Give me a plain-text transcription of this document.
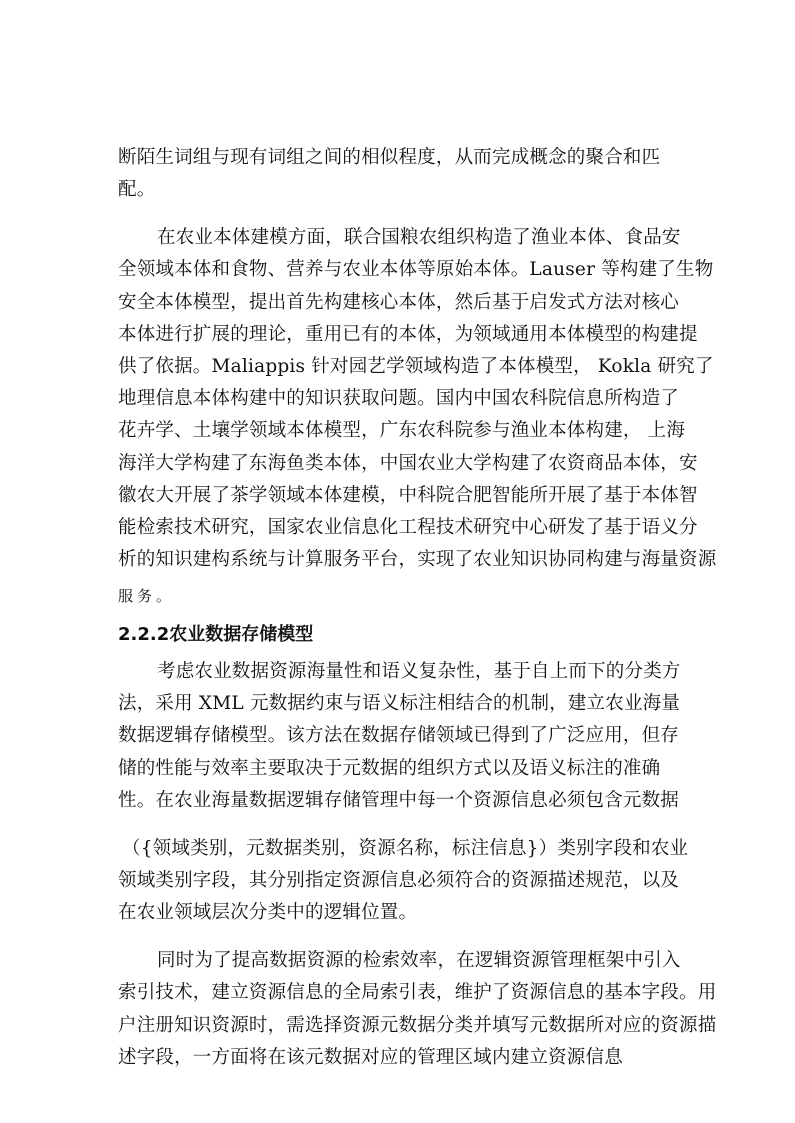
断陌生词组与现有词组之间的相似程度，从而完成概念的聚合和匹
配。
在农业本体建模方面，联合国粮农组织构造了渔业本体、食品安
全领域本体和食物、营养与农业本体等原始本体。Lauser 等构建了生物
安全本体模型，提出首先构建核心本体，然后基于启发式方法对核心
本体进行扩展的理论，重用已有的本体，为领域通用本体模型的构建提
供了依据。Maliappis 针对园艺学领域构造了本体模型， Kokla 研究了
地理信息本体构建中的知识获取问题。国内中国农科院信息所构造了
花卉学、土壤学领域本体模型，广东农科院参与渔业本体构建， 上海
海洋大学构建了东海鱼类本体，中国农业大学构建了农资商品本体，安
徽农大开展了茶学领域本体建模，中科院合肥智能所开展了基于本体智
能检索技术研究，国家农业信息化工程技术研究中心研发了基于语义分
析的知识建构系统与计算服务平台，实现了农业知识协同构建与海量资源
服务。
2.2.2农业数据存储模型
考虑农业数据资源海量性和语义复杂性，基于自上而下的分类方
法，采用 XML 元数据约束与语义标注相结合的机制，建立农业海量
数据逻辑存储模型。该方法在数据存储领域已得到了广泛应用，但存
储的性能与效率主要取决于元数据的组织方式以及语义标注的准确
性。在农业海量数据逻辑存储管理中每一个资源信息必须包含元数据
（{领域类别，元数据类别，资源名称，标注信息}）类别字段和农业
领域类别字段，其分别指定资源信息必须符合的资源描述规范，以及
在农业领域层次分类中的逻辑位置。
同时为了提高数据资源的检索效率，在逻辑资源管理框架中引入
索引技术，建立资源信息的全局索引表，维护了资源信息的基本字段。用
户注册知识资源时，需选择资源元数据分类并填写元数据所对应的资源描
述字段，一方面将在该元数据对应的管理区域内建立资源信息
